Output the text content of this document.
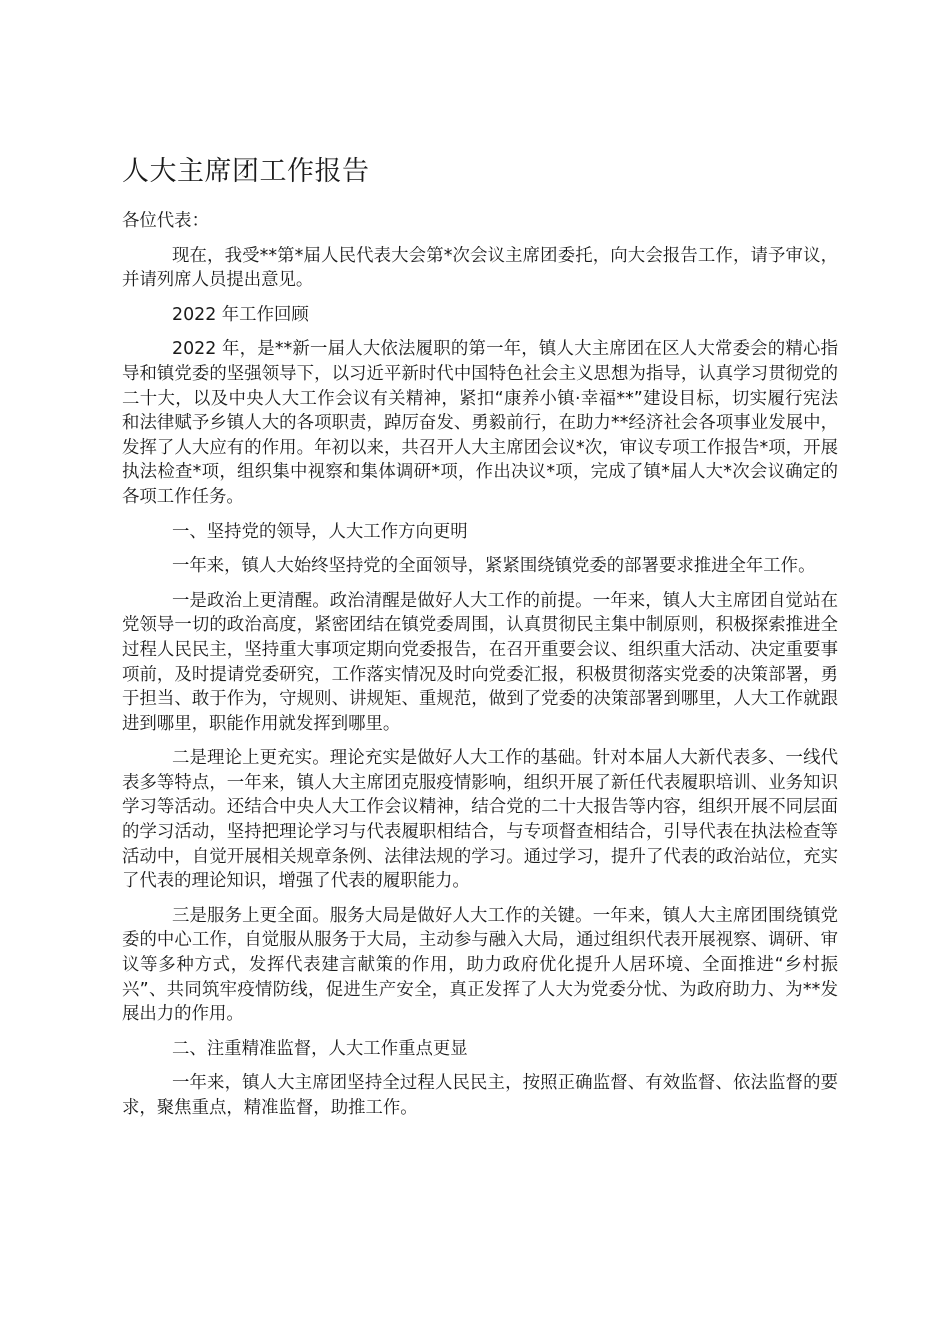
人大主席团工作报告

各位代表：

现在，我受**第*届人民代表大会第*次会议主席团委托，向大会报告工作，请予审议，并请列席人员提出意见。

2022 年工作回顾

2022 年，是**新一届人大依法履职的第一年，镇人大主席团在区人大常委会的精心指导和镇党委的坚强领导下，以习近平新时代中国特色社会主义思想为指导，认真学习贯彻党的二十大，以及中央人大工作会议有关精神，紧扣“康养小镇·幸福**”建设目标，切实履行宪法和法律赋予乡镇人大的各项职责，踔厉奋发、勇毅前行，在助力**经济社会各项事业发展中，发挥了人大应有的作用。年初以来，共召开人大主席团会议*次，审议专项工作报告*项，开展执法检查*项，组织集中视察和集体调研*项，作出决议*项，完成了镇*届人大*次会议确定的各项工作任务。

一、坚持党的领导，人大工作方向更明

一年来，镇人大始终坚持党的全面领导，紧紧围绕镇党委的部署要求推进全年工作。

一是政治上更清醒。政治清醒是做好人大工作的前提。一年来，镇人大主席团自觉站在党领导一切的政治高度，紧密团结在镇党委周围，认真贯彻民主集中制原则，积极探索推进全过程人民民主，坚持重大事项定期向党委报告，在召开重要会议、组织重大活动、决定重要事项前，及时提请党委研究，工作落实情况及时向党委汇报，积极贯彻落实党委的决策部署，勇于担当、敢于作为，守规则、讲规矩、重规范，做到了党委的决策部署到哪里，人大工作就跟进到哪里，职能作用就发挥到哪里。

二是理论上更充实。理论充实是做好人大工作的基础。针对本届人大新代表多、一线代表多等特点，一年来，镇人大主席团克服疫情影响，组织开展了新任代表履职培训、业务知识学习等活动。还结合中央人大工作会议精神，结合党的二十大报告等内容，组织开展不同层面的学习活动，坚持把理论学习与代表履职相结合，与专项督查相结合，引导代表在执法检查等活动中，自觉开展相关规章条例、法律法规的学习。通过学习，提升了代表的政治站位，充实了代表的理论知识，增强了代表的履职能力。

三是服务上更全面。服务大局是做好人大工作的关键。一年来，镇人大主席团围绕镇党委的中心工作，自觉服从服务于大局，主动参与融入大局，通过组织代表开展视察、调研、审议等多种方式，发挥代表建言献策的作用，助力政府优化提升人居环境、全面推进“乡村振兴”、共同筑牢疫情防线，促进生产安全，真正发挥了人大为党委分忧、为政府助力、为**发展出力的作用。

二、注重精准监督，人大工作重点更显

一年来，镇人大主席团坚持全过程人民民主，按照正确监督、有效监督、依法监督的要求，聚焦重点，精准监督，助推工作。
